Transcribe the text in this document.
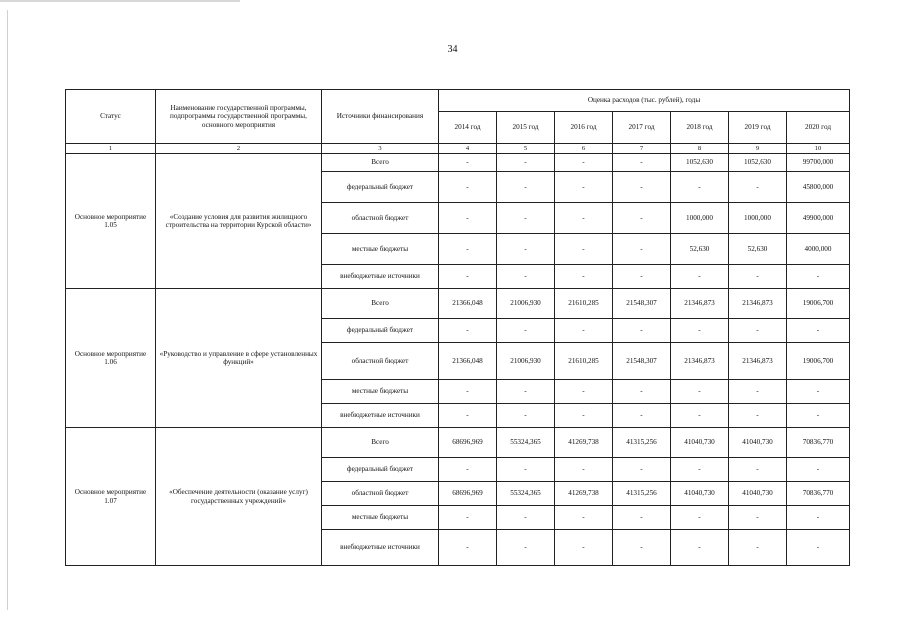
34
Статус	Наименование государственной программы, подпрограммы государственной программы, основного мероприятия	Источники финансирования	Оценка расходов (тыс. рублей), годы						
			2014 год	2015 год	2016 год	2017 год	2018 год	2019 год	2020 год
1	2	3	4	5	6	7	8	9	10
Основное мероприятие 1.05	«Создание условия для развития жилищного строительства на территории Курской области»	Всего	-	-	-	-	1052,630	1052,630	99700,000
		федеральный бюджет	-	-	-	-	-	-	45800,000
		областной бюджет	-	-	-	-	1000,000	1000,000	49900,000
		местные бюджеты	-	-	-	-	52,630	52,630	4000,000
		внебюджетные источники	-	-	-	-	-	-	-
Основное мероприятие 1.06	«Руководство и управление в сфере установленных функций»	Всего	21366,048	21006,930	21610,285	21548,307	21346,873	21346,873	19006,700
		федеральный бюджет	-	-	-	-	-	-	-
		областной бюджет	21366,048	21006,930	21610,285	21548,307	21346,873	21346,873	19006,700
		местные бюджеты	-	-	-	-	-	-	-
		внебюджетные источники	-	-	-	-	-	-	-
Основное мероприятие 1.07	«Обеспечение деятельности (оказание услуг) государственных учреждений»	Всего	68696,969	55324,365	41269,738	41315,256	41040,730	41040,730	70836,770
		федеральный бюджет	-	-	-	-	-	-	-
		областной бюджет	68696,969	55324,365	41269,738	41315,256	41040,730	41040,730	70836,770
		местные бюджеты	-	-	-	-	-	-	-
		внебюджетные источники	-	-	-	-	-	-	-
